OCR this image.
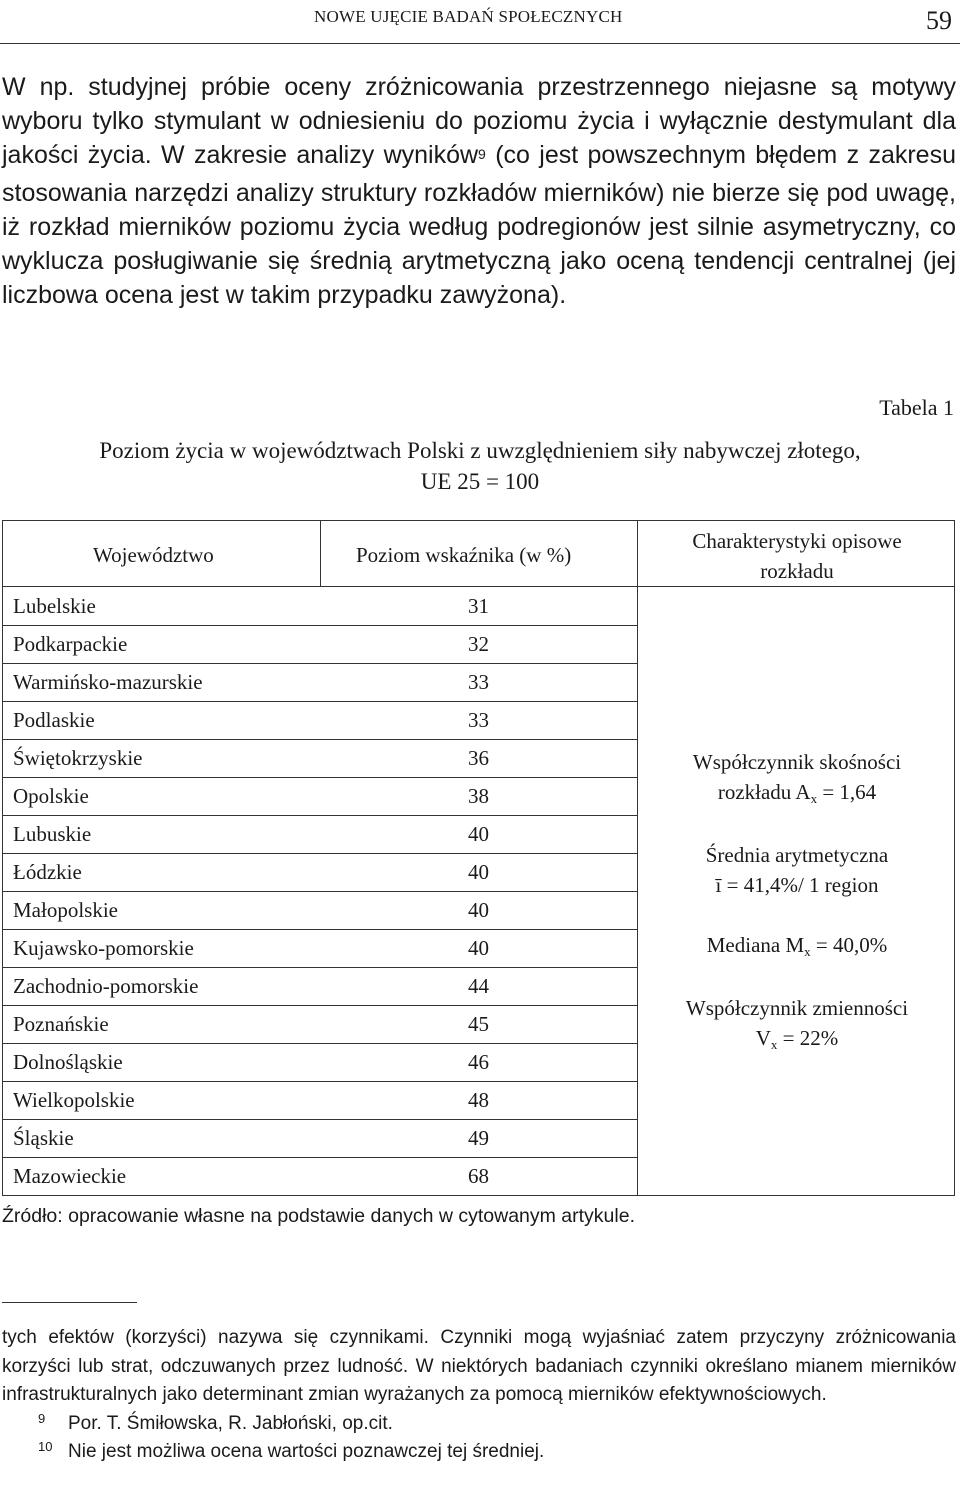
NOWE UJĘCIE BADAŃ SPOŁECZNYCH	59

W np. studyjnej próbie oceny zróżnicowania przestrzennego niejasne są motywy wyboru tylko stymulant w odniesieniu do poziomu życia i wyłącznie destymulant dla jakości życia. W zakresie analizy wyników$^9$ (co jest powszechnym błędem z zakresu stosowania narzędzi analizy struktury rozkładów mierników) nie bierze się pod uwagę, iż rozkład mierników poziomu życia według podregionów jest silnie asymetryczny, co wyklucza posługiwanie się średnią arytmetyczną jako oceną tendencji centralnej (jej liczbowa ocena jest w takim przypadku zawyżona).

Tabela 1
Poziom życia w województwach Polski z uwzględnieniem siły nabywczej złotego,
UE 25 = 100
Województwo	Poziom wskaźnika (w %)
Charakterystyki opisowe
rozkładu
Lubelskie	31
Podkarpackie	32
Warmińsko-mazurskie	33
Podlaskie	33
Świętokrzyskie	36
Opolskie	38
Lubuskie	40
Łódzkie	40
Małopolskie	40
Kujawsko-pomorskie	40
Zachodnio-pomorskie	44
Poznańskie	45
Dolnośląskie	46
Wielkopolskie	48
Śląskie	49
Mazowieckie	68
Współczynnik skośności
rozkładu $A_x = 1,64$
Średnia arytmetyczna
ī = 41,4%/ 1 region
Mediana $M_x = 40,0\%$
Współczynnik zmienności
$V_x = 22\%$
Źródło: opracowanie własne na podstawie danych w cytowanym artykule.

tych efektów (korzyści) nazywa się czynnikami. Czynniki mogą wyjaśniać zatem przyczyny zróżnicowania korzyści lub strat, odczuwanych przez ludność. W niektórych badaniach czynniki określano mianem mierników infrastrukturalnych jako determinant zmian wyrażanych za pomocą mierników efektywnościowych.

9 Por. T. Śmiłowska, R. Jabłoński, op.cit.
10 Nie jest możliwa ocena wartości poznawczej tej średniej.
